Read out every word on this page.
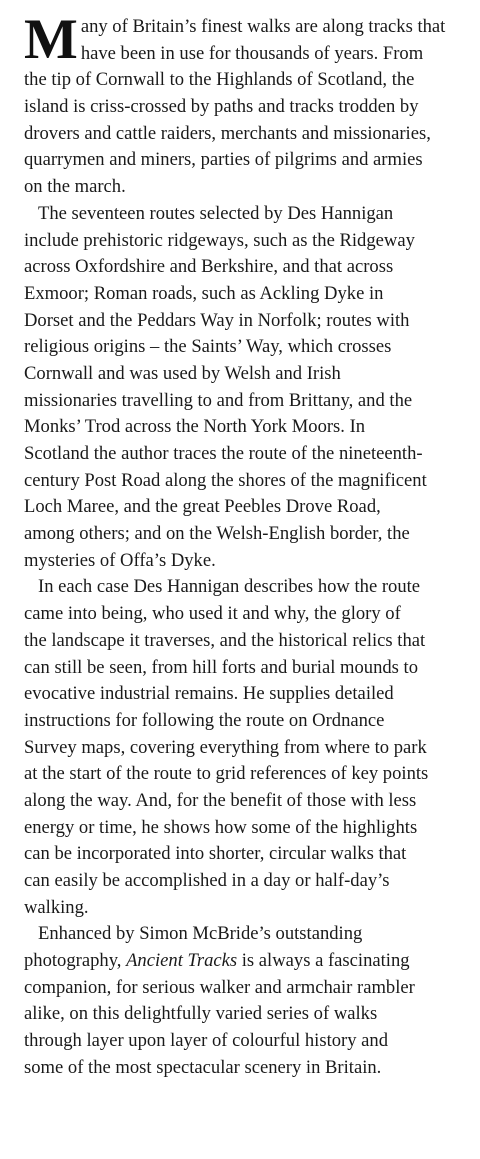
M any of Britain’s finest walks are along tracks that
have been in use for thousands of years. From
the tip of Cornwall to the Highlands of Scotland, the
island is criss-crossed by paths and tracks trodden by
drovers and cattle raiders, merchants and missionaries,
quarrymen and miners, parties of pilgrims and armies
on the march.
The seventeen routes selected by Des Hannigan
include prehistoric ridgeways, such as the Ridgeway
across Oxfordshire and Berkshire, and that across
Exmoor; Roman roads, such as Ackling Dyke in
Dorset and the Peddars Way in Norfolk; routes with
religious origins – the Saints’ Way, which crosses
Cornwall and was used by Welsh and Irish
missionaries travelling to and from Brittany, and the
Monks’ Trod across the North York Moors. In
Scotland the author traces the route of the nineteenth-
century Post Road along the shores of the magnificent
Loch Maree, and the great Peebles Drove Road,
among others; and on the Welsh-English border, the
mysteries of Offa’s Dyke.
In each case Des Hannigan describes how the route
came into being, who used it and why, the glory of
the landscape it traverses, and the historical relics that
can still be seen, from hill forts and burial mounds to
evocative industrial remains. He supplies detailed
instructions for following the route on Ordnance
Survey maps, covering everything from where to park
at the start of the route to grid references of key points
along the way. And, for the benefit of those with less
energy or time, he shows how some of the highlights
can be incorporated into shorter, circular walks that
can easily be accomplished in a day or half-day’s
walking.
Enhanced by Simon McBride’s outstanding
photography, Ancient Tracks is always a fascinating
companion, for serious walker and armchair rambler
alike, on this delightfully varied series of walks
through layer upon layer of colourful history and
some of the most spectacular scenery in Britain.
